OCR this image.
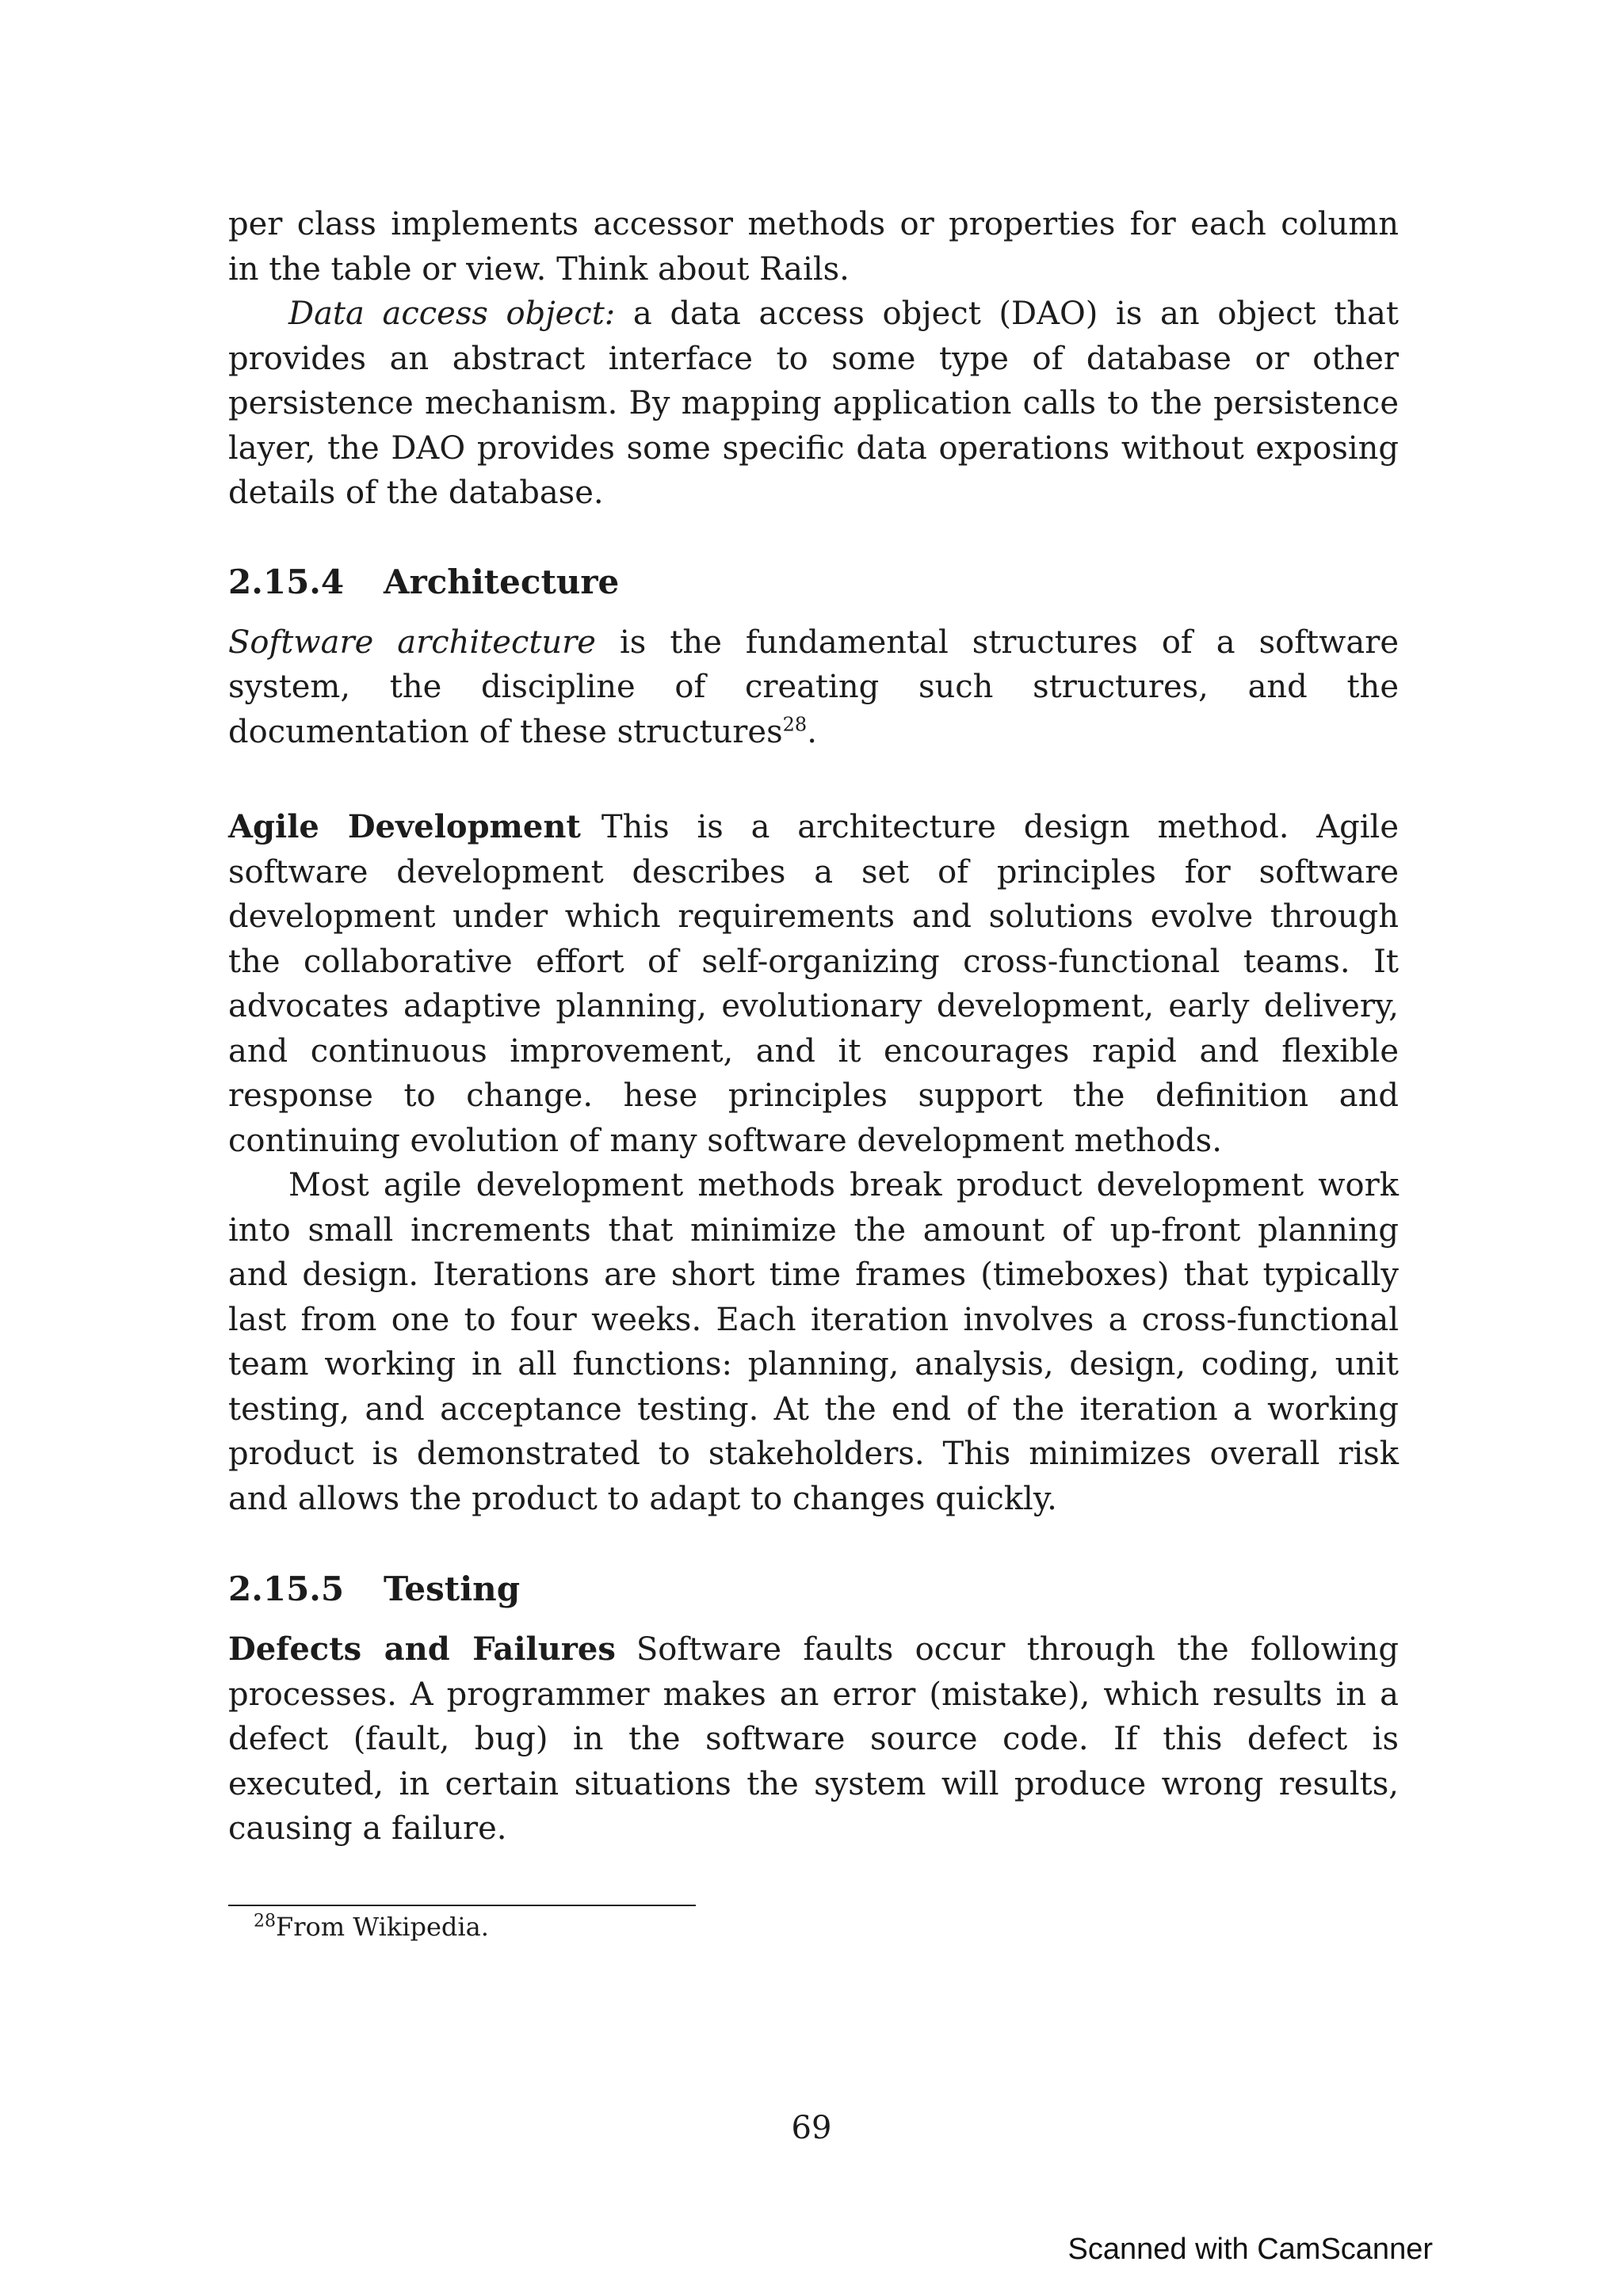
per class implements accessor methods or properties for each column in the table or view. Think about Rails.

Data access object: a data access object (DAO) is an object that provides an abstract interface to some type of database or other persistence mechanism. By mapping application calls to the persistence layer, the DAO provides some specific data operations without exposing details of the database.

2.15.4	Architecture

Software architecture is the fundamental structures of a software system, the discipline of creating such structures, and the documentation of these structures$^{28}$.

Agile Development This is a architecture design method. Agile software development describes a set of principles for software development under which requirements and solutions evolve through the collaborative effort of self-organizing cross-functional teams. It advocates adaptive planning, evolutionary development, early delivery, and continuous improvement, and it encourages rapid and flexible response to change. hese principles support the definition and continuing evolution of many software development methods.

Most agile development methods break product development work into small increments that minimize the amount of up-front planning and design. Iterations are short time frames (timeboxes) that typically last from one to four weeks. Each iteration involves a cross-functional team working in all functions: planning, analysis, design, coding, unit testing, and acceptance testing. At the end of the iteration a working product is demonstrated to stakeholders. This minimizes overall risk and allows the product to adapt to changes quickly.

2.15.5	Testing

Defects and Failures Software faults occur through the following processes. A programmer makes an error (mistake), which results in a defect (fault, bug) in the software source code. If this defect is executed, in certain situations the system will produce wrong results, causing a failure.

$^{28}$From Wikipedia.
69
Scanned with CamScanner
